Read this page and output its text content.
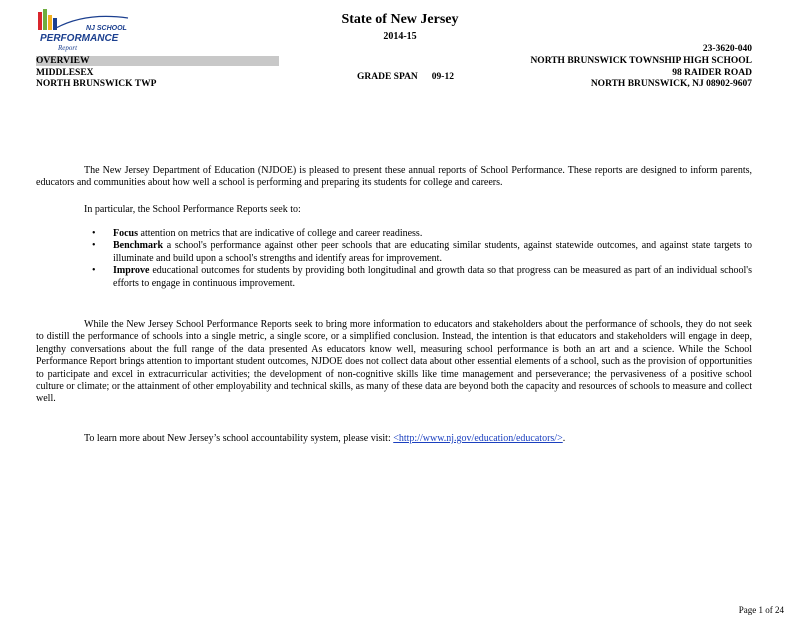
NJ SCHOOL
PERFORMANCE
Report
State of New Jersey
2014-15
OVERVIEW
MIDDLESEX
NORTH BRUNSWICK TWP
GRADE SPAN 09-12
23-3620-040
NORTH BRUNSWICK TOWNSHIP HIGH SCHOOL
98 RAIDER ROAD
NORTH BRUNSWICK, NJ 08902-9607
The New Jersey Department of Education (NJDOE) is pleased to present these annual reports of School Performance. These reports are designed to inform parents, educators and communities about how well a school is performing and preparing its students for college and careers.
In particular, the School Performance Reports seek to:
• Focus attention on metrics that are indicative of college and career readiness.
• Benchmark a school's performance against other peer schools that are educating similar students, against statewide outcomes, and against state targets to illuminate and build upon a school's strengths and identify areas for improvement.
• Improve educational outcomes for students by providing both longitudinal and growth data so that progress can be measured as part of an individual school's efforts to engage in continuous improvement.
While the New Jersey School Performance Reports seek to bring more information to educators and stakeholders about the performance of schools, they do not seek to distill the performance of schools into a single metric, a single score, or a simplified conclusion. Instead, the intention is that educators and stakeholders will engage in deep, lengthy conversations about the full range of the data presented As educators know well, measuring school performance is both an art and a science. While the School Performance Report brings attention to important student outcomes, NJDOE does not collect data about other essential elements of a school, such as the provision of opportunities to participate and excel in extracurricular activities; the development of non-cognitive skills like time management and perseverance; the pervasiveness of a positive school culture or climate; or the attainment of other employability and technical skills, as many of these data are beyond both the capacity and resources of schools to measure and collect well.
To learn more about New Jersey’s school accountability system, please visit: <http://www.nj.gov/education/educators/>.
Page 1 of 24
